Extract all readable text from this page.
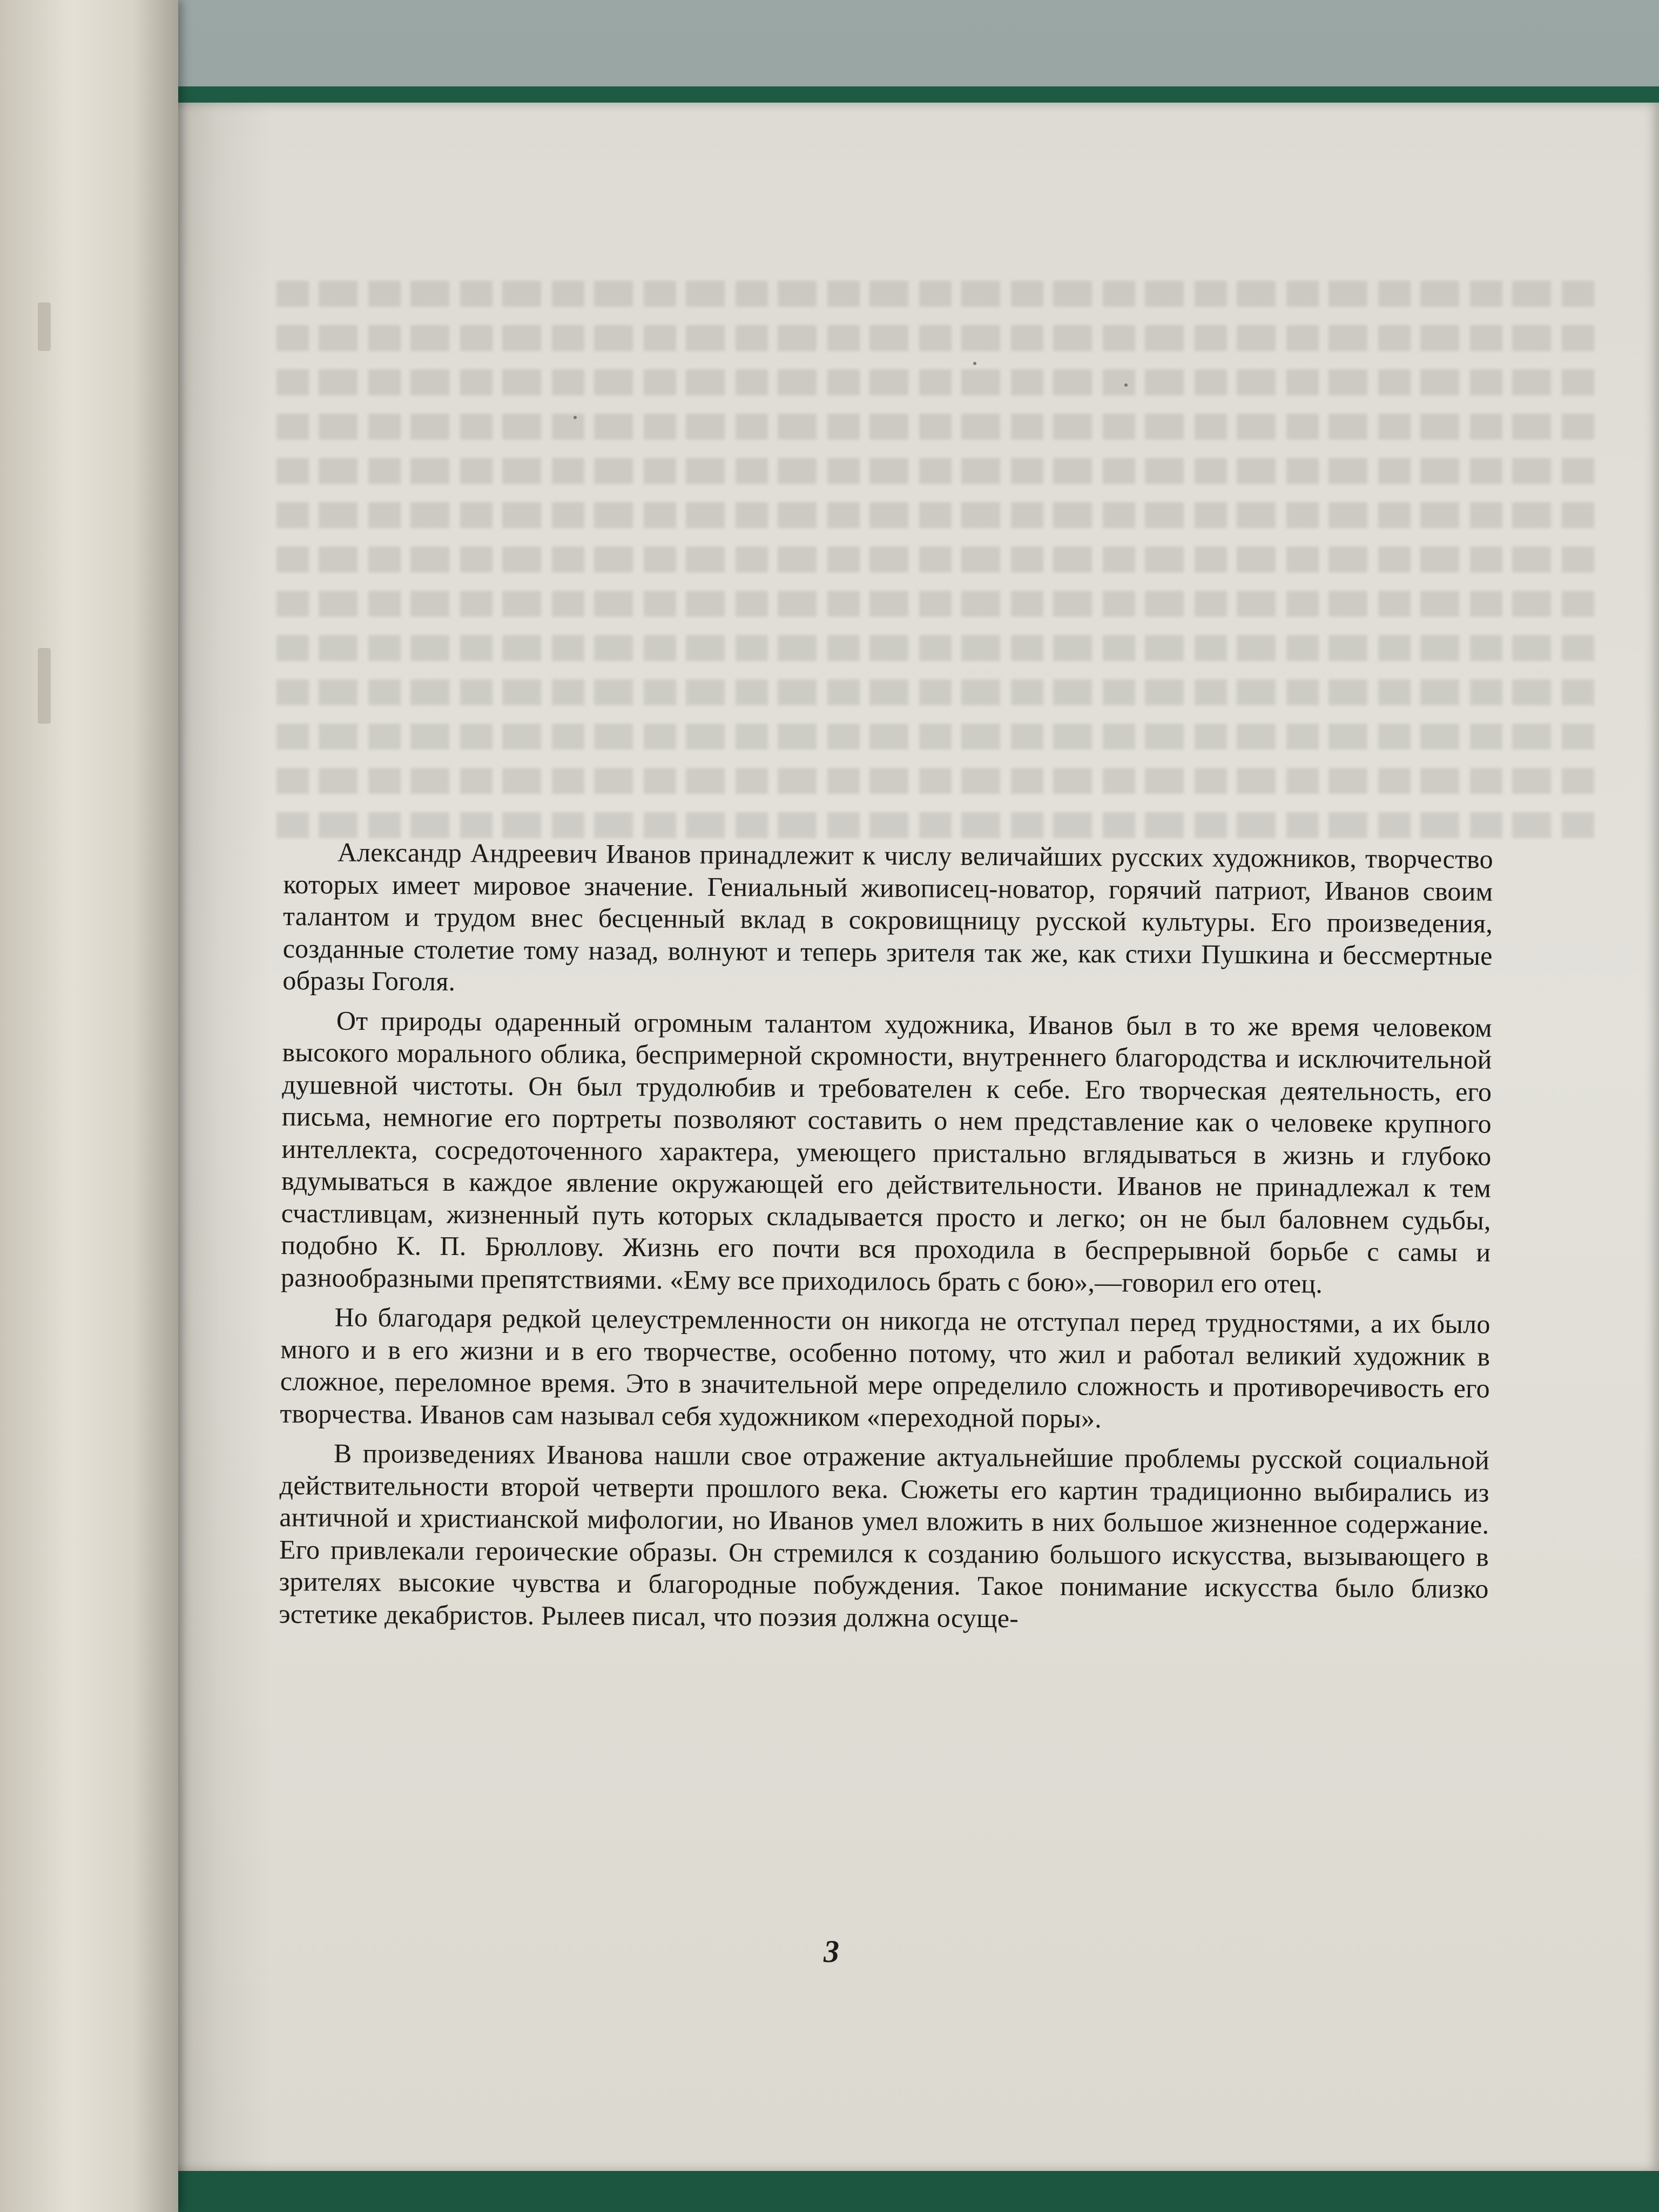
Александр Андреевич Иванов принадлежит к числу величайших русских художников, творчество которых имеет мировое значение. Гениальный живописец-новатор, горячий патриот, Иванов своим талантом и трудом внес бесценный вклад в сокровищницу русской культуры. Его произведения, созданные столетие тому назад, волнуют и теперь зрителя так же, как стихи Пушкина и бессмертные образы Гоголя.

От природы одаренный огромным талантом художника, Иванов был в то же время человеком высокого морального облика, беспримерной скромности, внутреннего благородства и исключительной душевной чистоты. Он был трудолюбив и требователен к себе. Его творческая деятельность, его письма, немногие его портреты позволяют составить о нем представление как о человеке крупного интеллекта, сосредоточенного характера, умеющего пристально вглядываться в жизнь и глубоко вдумываться в каждое явление окружающей его действительности. Иванов не принадлежал к тем счастливцам, жизненный путь которых складывается просто и легко; он не был баловнем судьбы, подобно К. П. Брюллову. Жизнь его почти вся проходила в беспрерывной борьбе с самы и разнообразными препятствиями. «Ему все приходилось брать с бою»,—говорил его отец.

Но благодаря редкой целеустремленности он никогда не отступал перед трудностями, а их было много и в его жизни и в его творчестве, особенно потому, что жил и работал великий художник в сложное, переломное время. Это в значительной мере определило сложность и противоречивость его творчества. Иванов сам называл себя художником «переходной поры».

В произведениях Иванова нашли свое отражение актуальнейшие проблемы русской социальной действительности второй четверти прошлого века. Сюжеты его картин традиционно выбирались из античной и христианской мифологии, но Иванов умел вложить в них большое жизненное содержание. Его привлекали героические образы. Он стремился к созданию большого искусства, вызывающего в зрителях высокие чувства и благородные побуждения. Такое понимание искусства было близко эстетике декабристов. Рылеев писал, что поэзия должна осуще-

3
